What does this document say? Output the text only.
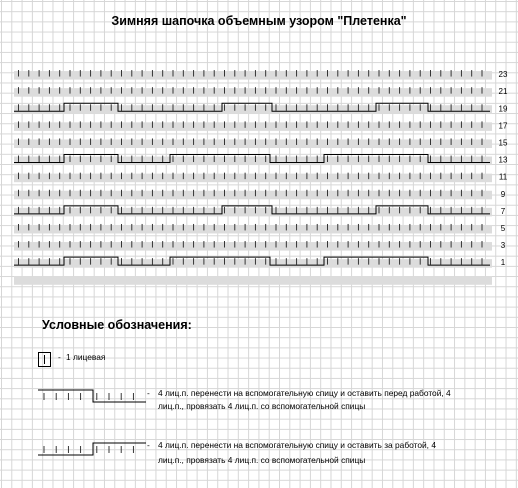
Зимняя шапочка объемным узором "Плетенка"
23
21
19
17
15
13
11
9
7
5
3
1
Условные обозначения:
- 1 лицевая
- 4 лиц.п. перенести на вспомогательную спицу и оставить перед работой, 4
лиц.п., провязать 4 лиц.п. со вспомогательной спицы
- 4 лиц.п. перенести на вспомогательную спицу и оставить за работой, 4
лиц.п., провязать 4 лиц.п. со вспомогательной спицы
